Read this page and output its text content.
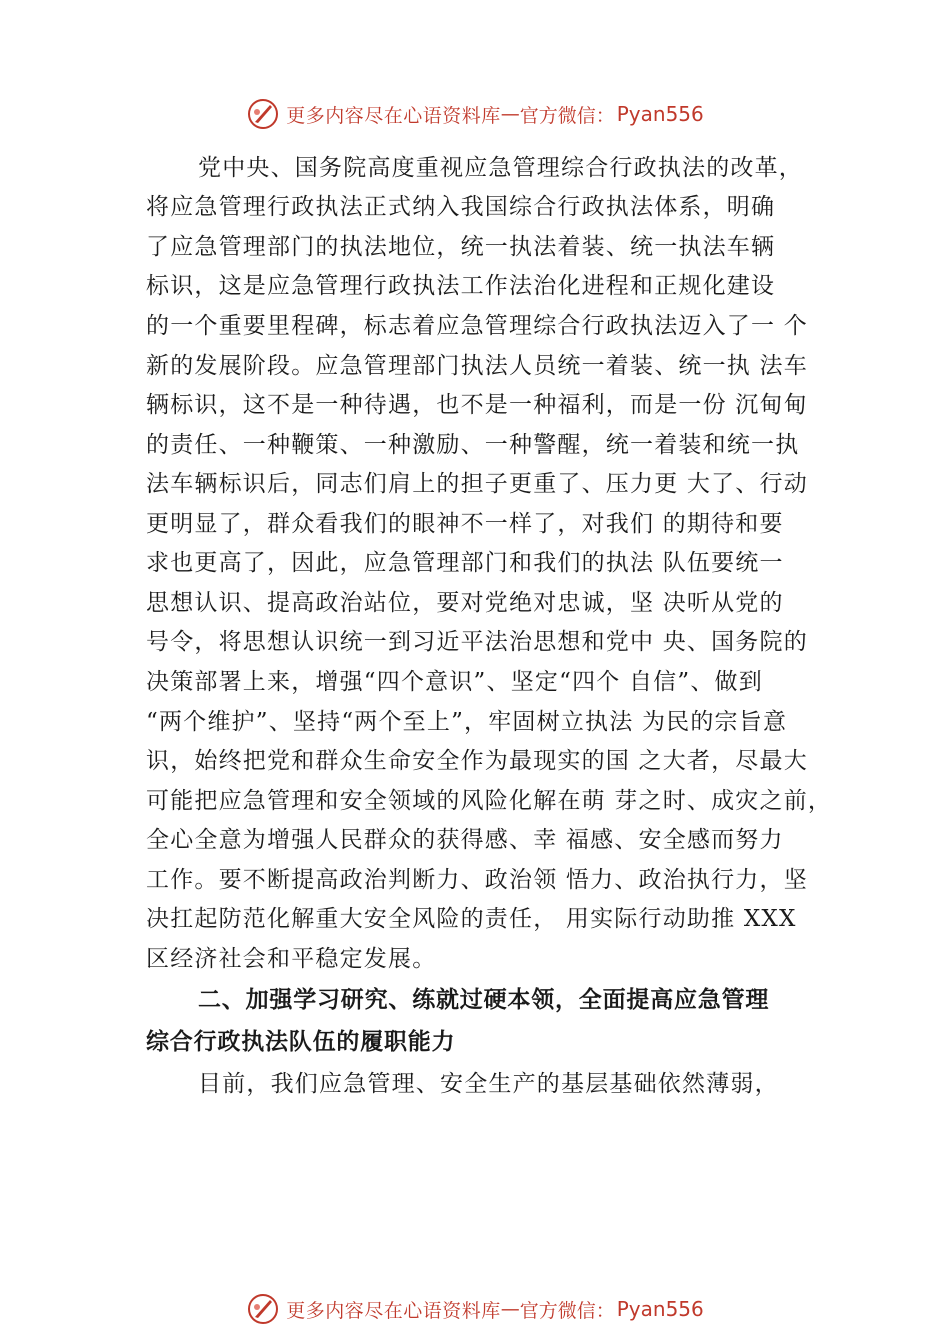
更多内容尽在心语资料库 — 官方微信： Pyan556
党中央、国务院高度重视应急管理综合行政执法的改革，
将应急管理行政执法正式纳入我国综合行政执法体系，明确
了应急管理部门的执法地位，统一执法着装、统一执法车辆
标识，这是应急管理行政执法工作法治化进程和正规化建设
的一个重要里程碑，标志着应急管理综合行政执法迈入了一 个
新的发展阶段。应急管理部门执法人员统一着装、统一执 法车
辆标识，这不是一种待遇，也不是一种福利，而是一份 沉甸甸
的责任、一种鞭策、一种激励、一种警醒，统一着装和统一执
法车辆标识后，同志们肩上的担子更重了、压力更 大了、行动
更明显了，群众看我们的眼神不一样了，对我们 的期待和要
求也更高了，因此，应急管理部门和我们的执法 队伍要统一
思想认识、提高政治站位，要对党绝对忠诚，坚 决听从党的
号令，将思想认识统一到习近平法治思想和党中 央、国务院的
决策部署上来，增强“四个意识”、坚定“四个 自信”、做到
“两个维护”、坚持“两个至上”，牢固树立执法 为民的宗旨意
识，始终把党和群众生命安全作为最现实的国 之大者，尽最大
可能把应急管理和安全领域的风险化解在萌 芽之时、成灾之前，
全心全意为增强人民群众的获得感、幸 福感、安全感而努力
工作。要不断提高政治判断力、政治领 悟力、政治执行力，坚
决扛起防范化解重大安全风险的责任， 用实际行动助推 XXX
区经济社会和平稳定发展。
二、加强学习研究、练就过硬本领，全面提高应急管理
综合行政执法队伍的履职能力
目前，我们应急管理、安全生产的基层基础依然薄弱，
更多内容尽在心语资料库 — 官方微信： Pyan556
